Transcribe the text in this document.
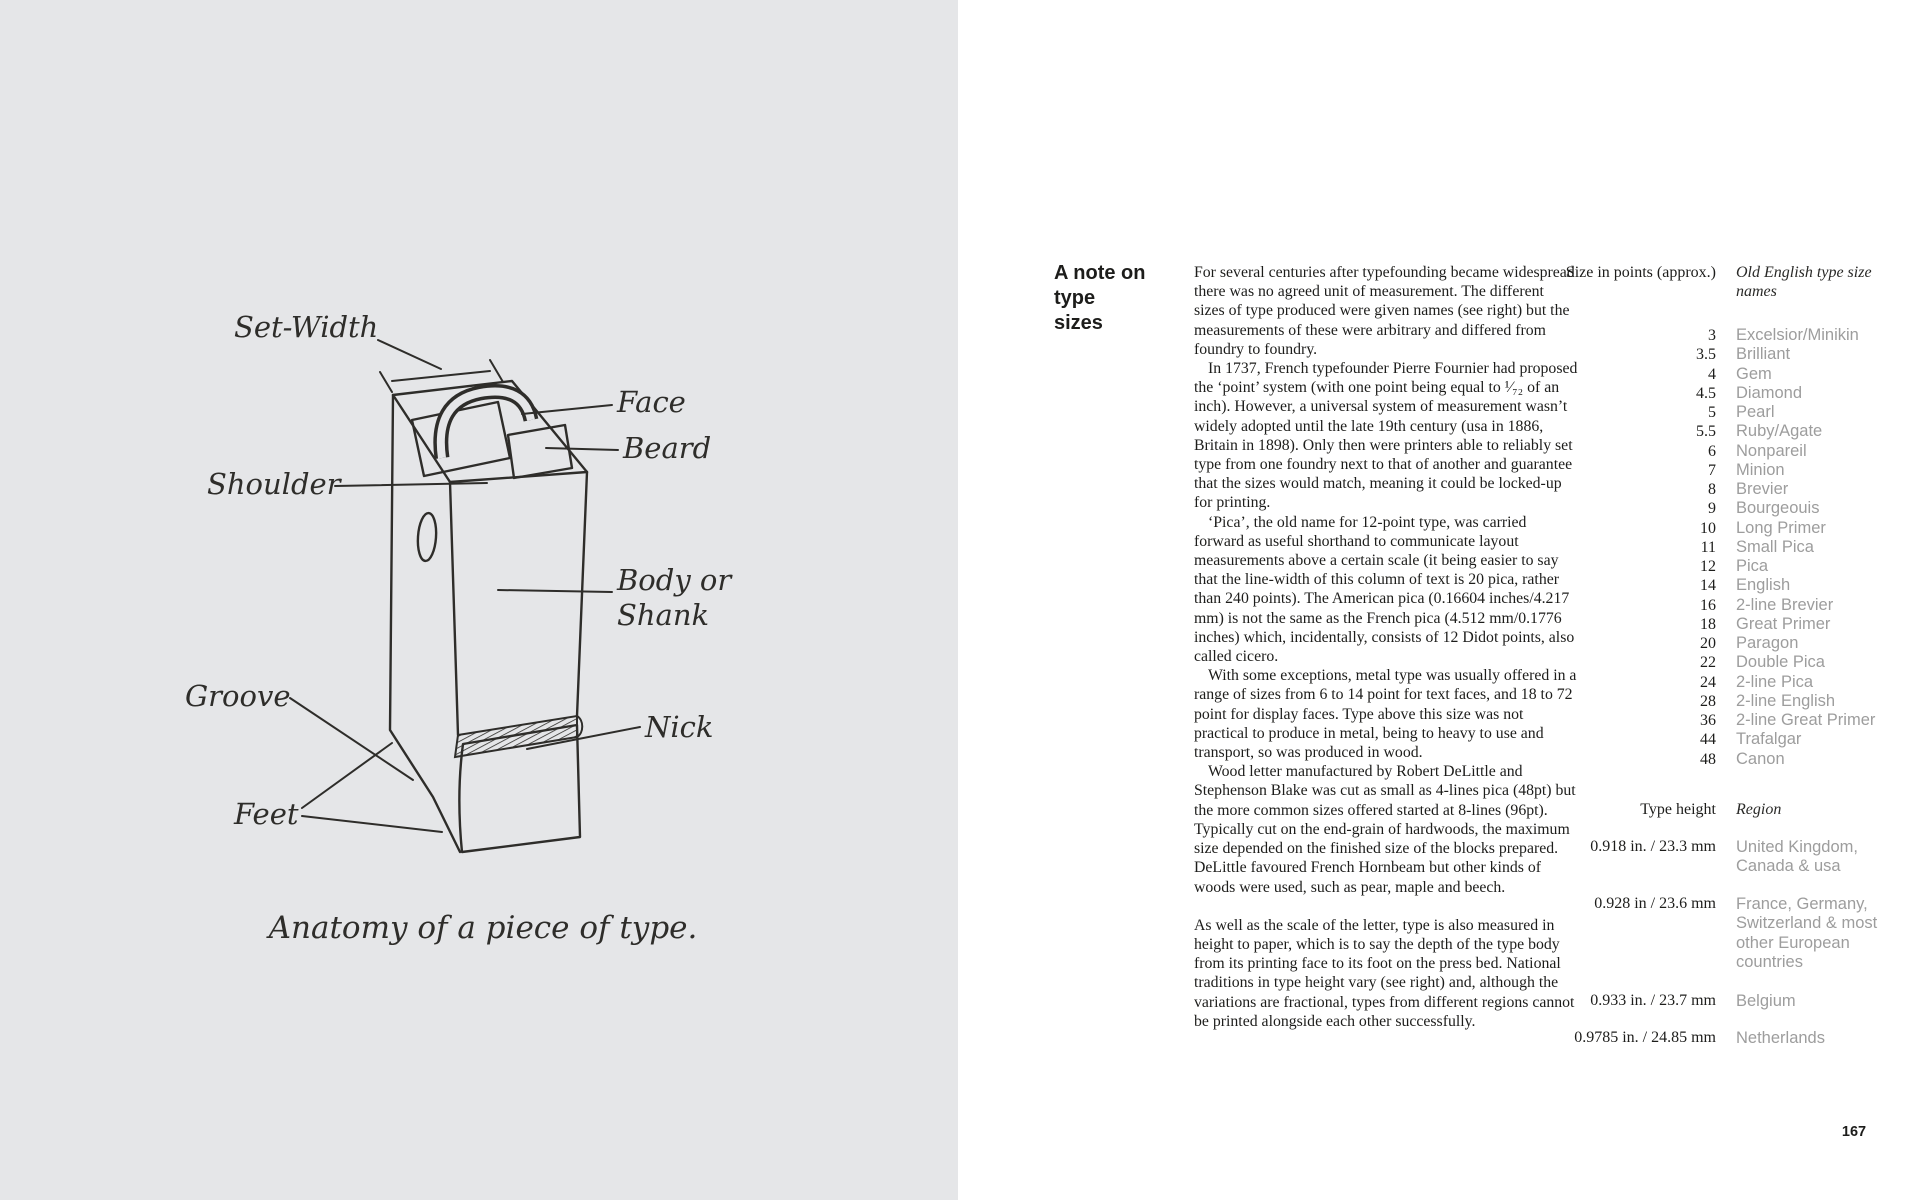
Set-Width
Face
Beard
Shoulder
Body or
Shank
Groove
Nick
Feet
Anatomy of a piece of type.
A note on type sizes

For several centuries after typefounding became widespread there was no agreed unit of measurement. The different sizes of type produced were given names (see right) but the measurements of these were arbitrary and differed from foundry to foundry.

In 1737, French typefounder Pierre Fournier had proposed the ‘point’ system (with one point being equal to ¹⁄₇₂ of an inch). However, a universal system of measurement wasn’t widely adopted until the late 19th century (usa in 1886, Britain in 1898). Only then were printers able to reliably set type from one foundry next to that of another and guarantee that the sizes would match, meaning it could be locked-up for printing.

‘Pica’, the old name for 12-point type, was carried forward as useful shorthand to communicate layout measurements above a certain scale (it being easier to say that the line-width of this column of text is 20 pica, rather than 240 points). The American pica (0.16604 inches/4.217 mm) is not the same as the French pica (4.512 mm/0.1776 inches) which, incidentally, consists of 12 Didot points, also called cicero.

With some exceptions, metal type was usually offered in a range of sizes from 6 to 14 point for text faces, and 18 to 72 point for display faces. Type above this size was not practical to produce in metal, being to heavy to use and transport, so was produced in wood.

Wood letter manufactured by Robert DeLittle and Stephenson Blake was cut as small as 4-lines pica (48pt) but the more common sizes offered started at 8-lines (96pt). Typically cut on the end-grain of hardwoods, the maximum size depended on the finished size of the blocks prepared. DeLittle favoured French Hornbeam but other kinds of woods were used, such as pear, maple and beech.

As well as the scale of the letter, type is also measured in height to paper, which is to say the depth of the type body from its printing face to its foot on the press bed. National traditions in type height vary (see right) and, although the variations are fractional, types from different regions cannot be printed alongside each other successfully.

Size in points (approx.) Old English type size names
3 Excelsior/Minikin
3.5 Brilliant
4 Gem
4.5 Diamond
5 Pearl
5.5 Ruby/Agate
6 Nonpareil
7 Minion
8 Brevier
9 Bourgeouis
10 Long Primer
11 Small Pica
12 Pica
14 English
16 2-line Brevier
18 Great Primer
20 Paragon
22 Double Pica
24 2-line Pica
28 2-line English
36 2-line Great Primer
44 Trafalgar
48 Canon
Type height Region
0.918 in. / 23.3 mm United Kingdom, Canada & usa
0.928 in / 23.6 mm France, Germany, Switzerland & most other European countries
0.933 in. / 23.7 mm Belgium
0.9785 in. / 24.85 mm Netherlands
167
